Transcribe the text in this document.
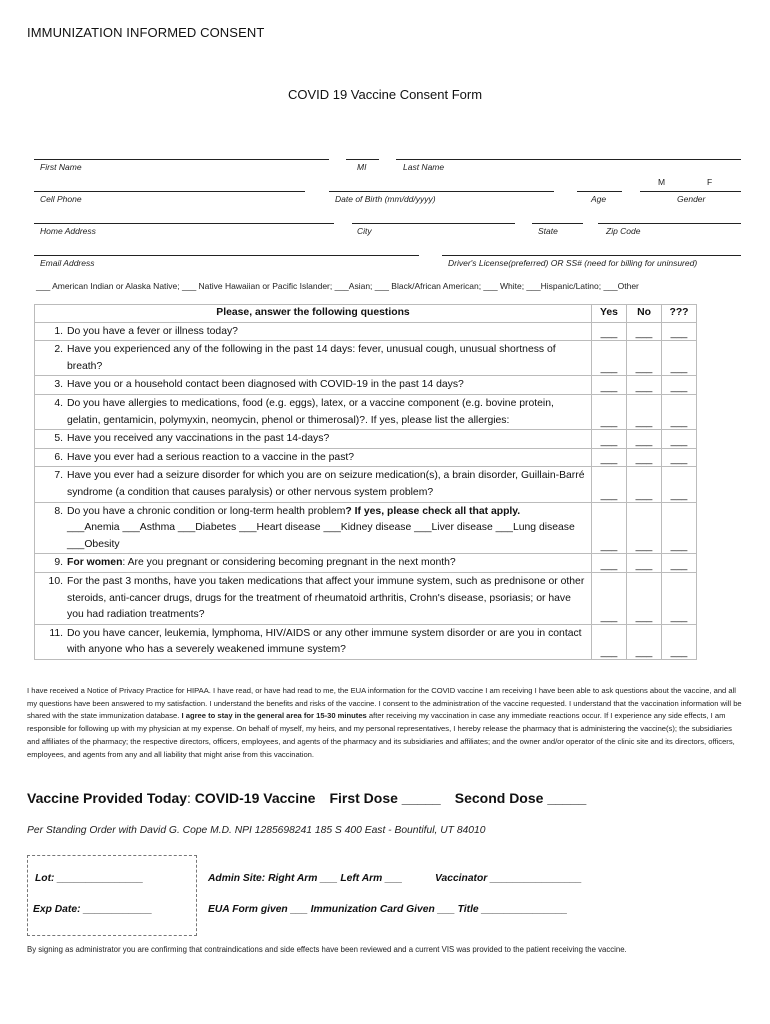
IMMUNIZATION INFORMED CONSENT
COVID 19 Vaccine Consent Form
First Name	MI	Last Name
M	F
Cell Phone	Date of Birth (mm/dd/yyyy)	Age	Gender
Home Address	City	State	Zip Code
Email Address	Driver's License(preferred) OR SS# (need for billing for uninsured)
___ American Indian or Alaska Native; ___ Native Hawaiian or Pacific Islander; ___Asian; ___ Black/African American; ___ White; ___Hispanic/Latino; ___Other
Please, answer the following questions	Yes	No	???

1. Do you have a fever or illness today?	___	___	___

2. Have you experienced any of the following in the past 14 days: fever, unusual cough, unusual shortness of breath?	___	___	___

3. Have you or a household contact been diagnosed with COVID-19 in the past 14 days?	___	___	___

4. Do you have allergies to medications, food (e.g. eggs), latex, or a vaccine component (e.g. bovine protein, gelatin, gentamicin, polymyxin, neomycin, phenol or thimerosal)?. If yes, please list the allergies:	___	___	___

5. Have you received any vaccinations in the past 14-days?	___	___	___

6. Have you ever had a serious reaction to a vaccine in the past?	___	___	___

7. Have you ever had a seizure disorder for which you are on seizure medication(s), a brain disorder, Guillain-Barré syndrome (a condition that causes paralysis) or other nervous system problem?	___	___	___

8. Do you have a chronic condition or long-term health problem? If yes, please check all that apply.
___Anemia ___Asthma ___Diabetes ___Heart disease ___Kidney disease ___Liver disease ___Lung disease ___Obesity	___	___	___

9. For women: Are you pregnant or considering becoming pregnant in the next month?	___	___	___

10. For the past 3 months, have you taken medications that affect your immune system, such as prednisone or other steroids, anti-cancer drugs, drugs for the treatment of rheumatoid arthritis, Crohn's disease, psoriasis; or have you had radiation treatments?	___	___	___

11. Do you have cancer, leukemia, lymphoma, HIV/AIDS or any other immune system disorder or are you in contact with anyone who has a severely weakened immune system?	___	___	___
I have received a Notice of Privacy Practice for HIPAA. I have read, or have had read to me, the EUA information for the COVID vaccine I am receiving I have been able to ask questions about the vaccine, and all my questions have been answered to my satisfaction. I understand the benefits and risks of the vaccine. I consent to the administration of the vaccine requested. I understand that the vaccination information will be shared with the state immunization database. I agree to stay in the general area for 15-30 minutes after receiving my vaccination in case any immediate reactions occur. If I experience any side effects, I am responsible for following up with my physician at my expense. On behalf of myself, my heirs, and my personal representatives, I hereby release the pharmacy that is administering the vaccine(s); the subsidiaries and affiliates of the pharmacy; the respective directors, officers, employees, and agents of the pharmacy and its subsidiaries and affiliates; and the owner and/or operator of the clinic site and its directors, officers, employees, and agents from any and all liability that might arise from this vaccination.
Vaccine Provided Today: COVID-19 Vaccine First Dose _____ Second Dose _____
Per Standing Order with David G. Cope M.D. NPI 1285698241 185 S 400 East - Bountiful, UT 84010
Lot: _______________
Exp Date: ____________
Admin Site: Right Arm ___ Left Arm ___	Vaccinator ________________
EUA Form given ___ Immunization Card Given ___ Title _______________
By signing as administrator you are confirming that contraindications and side effects have been reviewed and a current VIS was provided to the patient receiving the vaccine.
